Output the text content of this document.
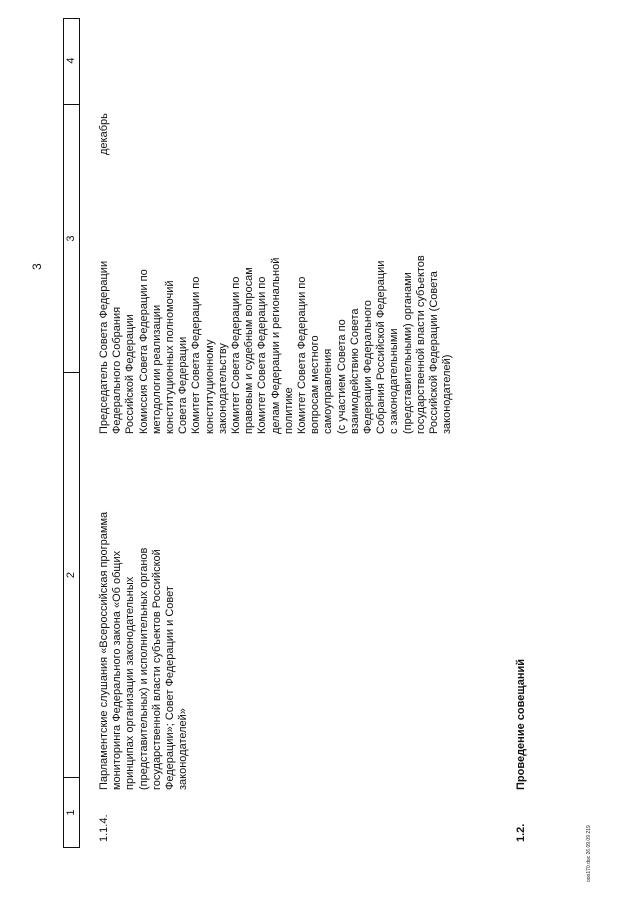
3
1
2
3
4
1.1.4.
Парламентские слушания «Всероссийская программа мониторинга Федерального закона «Об общих принципах организации законодательных (представительных) и исполнительных органов государственной власти субъектов Российской Федерации»; Совет Федерации и Совет законодателей»
Председатель Совета Федерации Федерального Собрания Российской Федерации Комиссия Совета Федерации по методологии реализации конституционных полномочий Совета Федерации Комитет Совета Федерации по конституционному законодательству Комитет Совета Федерации по правовым и судебным вопросам Комитет Совета Федерации по делам Федерации и региональной политике Комитет Совета Федерации по вопросам местного самоуправления (с участием Совета по взаимодействию Совета Федерации Федерального Собрания Российской Федерации с законодательными (представительными) органами государственной власти субъектов Российской Федерации (Совета законодателей)
декабрь
1.2.
Проведение совещаний
ooo170.doc 26.09.09 219
